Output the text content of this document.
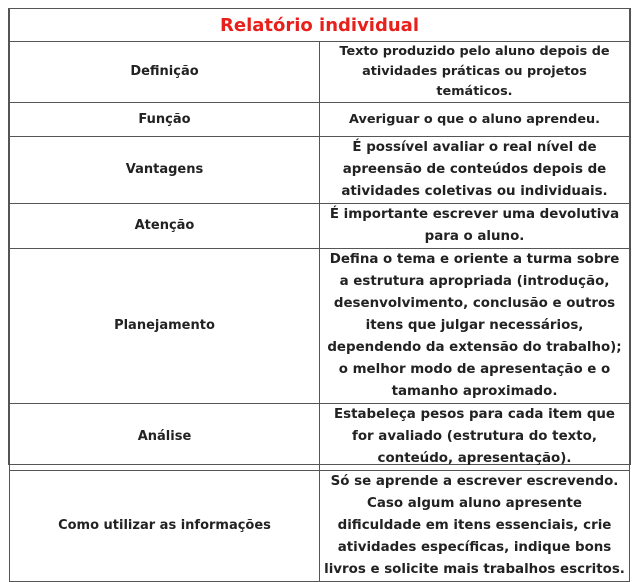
Relatório individual	
Definição	Texto produzido pelo aluno depois de atividades práticas ou projetos temáticos.
Função	Averiguar o que o aluno aprendeu.
Vantagens	É possível avaliar o real nível de apreensão de conteúdos depois de atividades coletivas ou individuais.
Atenção	É importante escrever uma devolutiva para o aluno.
Planejamento	Defina o tema e oriente a turma sobre a estrutura apropriada (introdução, desenvolvimento, conclusão e outros itens que julgar necessários, dependendo da extensão do trabalho); o melhor modo de apresentação e o tamanho aproximado.
Análise	Estabeleça pesos para cada item que for avaliado (estrutura do texto, conteúdo, apresentação).
Como utilizar as informações	Só se aprende a escrever escrevendo. Caso algum aluno apresente dificuldade em itens essenciais, crie atividades específicas, indique bons livros e solicite mais trabalhos escritos.
